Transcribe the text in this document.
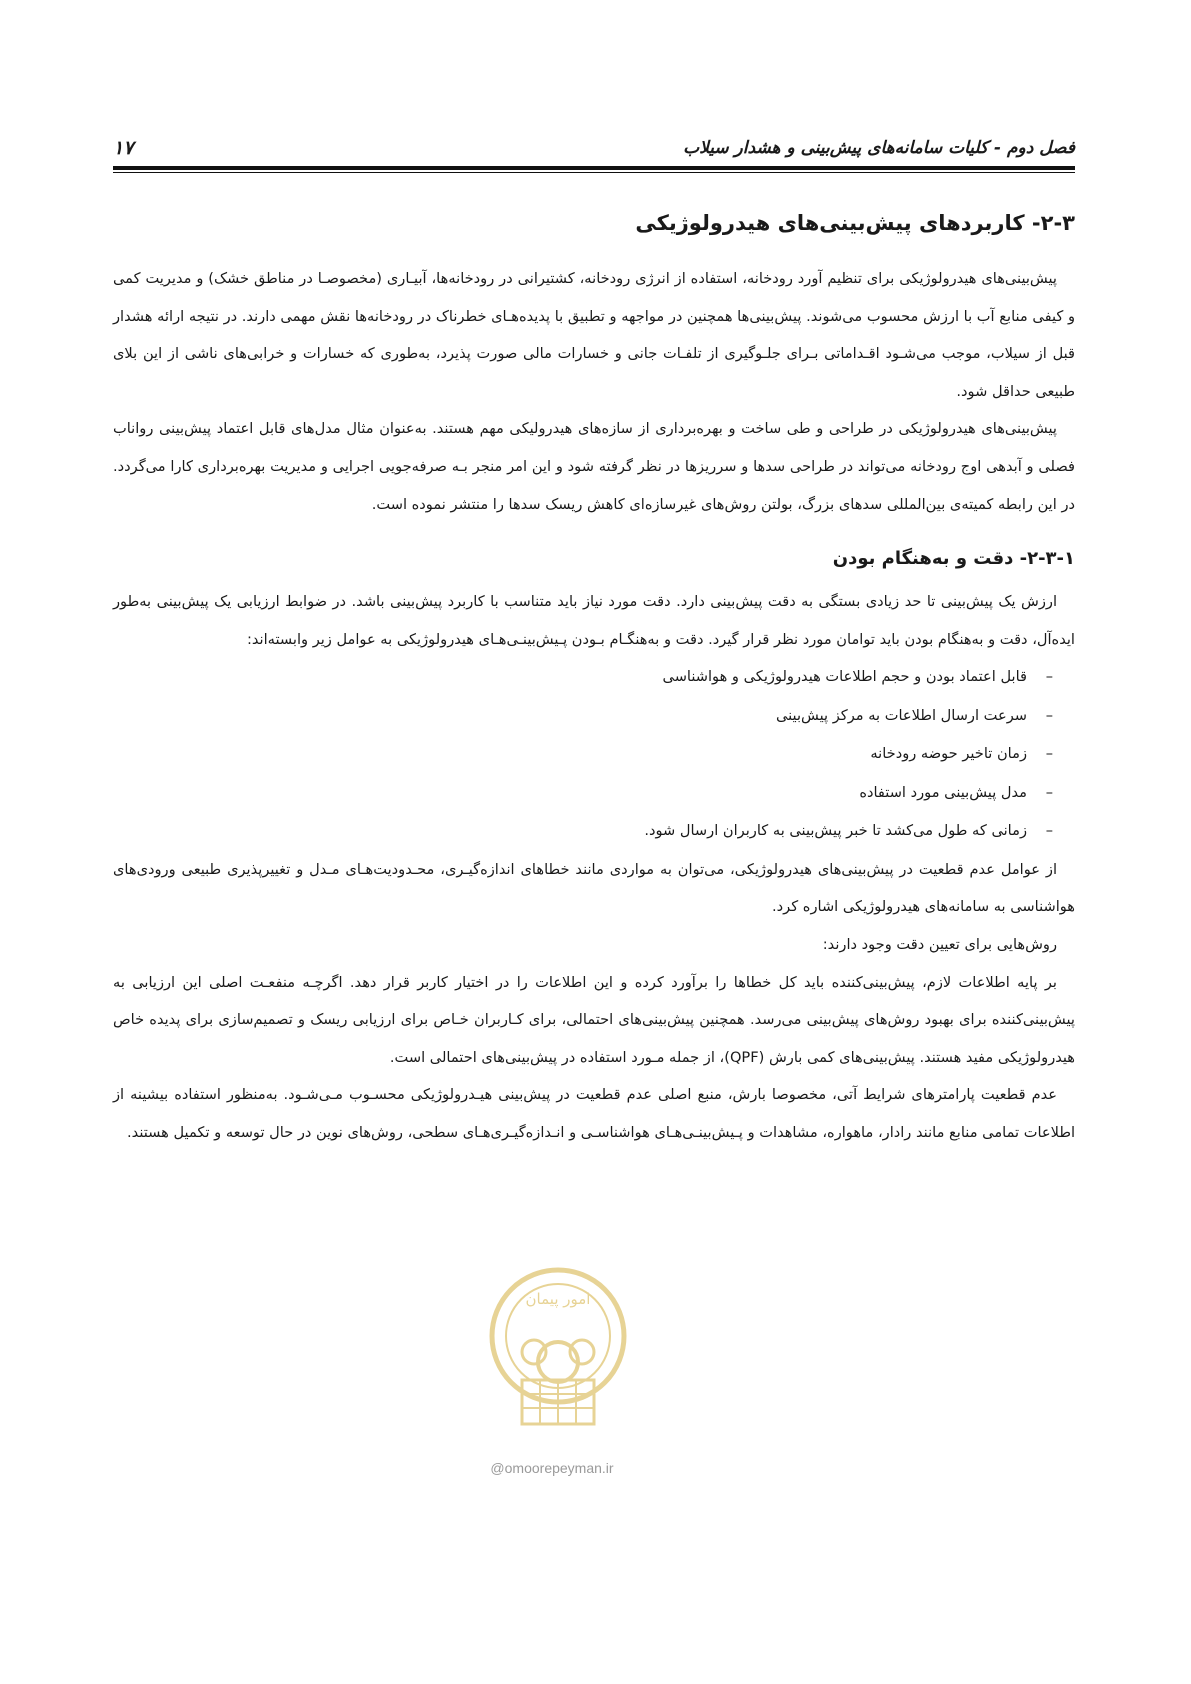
فصل دوم - کلیات سامانه‌های پیش‌بینی و هشدار سیلاب
۱۷
۲-۳- کاربردهای پیش‌بینی‌های هیدرولوژیکی

پیش‌بینی‌های هیدرولوژیکی برای تنظیم آورد رودخانه، استفاده از انرژی رودخانه، کشتیرانی در رودخانه‌ها، آبیـاری (مخصوصـا در مناطق خشک) و مدیریت کمی و کیفی منابع آب با ارزش محسوب می‌شوند. پیش‌بینی‌ها همچنین در مواجهه و تطبیق با پدیده‌هـای خطرناک در رودخانه‌ها نقش مهمی دارند. در نتیجه ارائه هشدار قبل از سیلاب، موجب می‌شـود اقـداماتی بـرای جلـوگیری از تلفـات جانی و خسارات مالی صورت پذیرد، به‌طوری که خسارات و خرابی‌های ناشی از این بلای طبیعی حداقل شود.

پیش‌بینی‌های هیدرولوژیکی در طراحی و طی ساخت و بهره‌برداری از سازه‌های هیدرولیکی مهم هستند. به‌عنوان مثال مدل‌های قابل اعتماد پیش‌بینی رواناب فصلی و آبدهی اوج رودخانه می‌تواند در طراحی سدها و سرریزها در نظر گرفته شود و این امر منجر بـه صرفه‌جویی اجرایی و مدیریت بهره‌برداری کارا می‌گردد. در این رابطه کمیته‌ی بین‌المللی سدهای بزرگ، بولتن روش‌های غیرسازه‌ای کاهش ریسک سدها را منتشر نموده است.

۲-۳-۱- دقت و به‌هنگام بودن

ارزش یک پیش‌بینی تا حد زیادی بستگی به دقت پیش‌بینی دارد. دقت مورد نیاز باید متناسب با کاربرد پیش‌بینی باشد. در ضوابط ارزیابی یک پیش‌بینی به‌طور ایده‌آل، دقت و به‌هنگام بودن باید توامان مورد نظر قرار گیرد. دقت و به‌هنگـام بـودن پـیش‌بینـی‌هـای هیدرولوژیکی به عوامل زیر وابسته‌اند:

–
قابل اعتماد بودن و حجم اطلاعات هیدرولوژیکی و هواشناسی
–
سرعت ارسال اطلاعات به مرکز پیش‌بینی
–
زمان تاخیر حوضه رودخانه
–
مدل پیش‌بینی مورد استفاده
–
زمانی که طول می‌کشد تا خبر پیش‌بینی به کاربران ارسال شود.

از عوامل عدم قطعیت در پیش‌بینی‌های هیدرولوژیکی، می‌توان به مواردی مانند خطاهای اندازه‌گیـری، محـدودیت‌هـای مـدل و تغییرپذیری طبیعی ورودی‌های هواشناسی به سامانه‌های هیدرولوژیکی اشاره کرد.

روش‌هایی برای تعیین دقت وجود دارند:

بر پایه اطلاعات لازم، پیش‌بینی‌کننده باید کل خطاها را برآورد کرده و این اطلاعات را در اختیار کاربر قرار دهد. اگرچـه منفعـت اصلی این ارزیابی به پیش‌بینی‌کننده برای بهبود روش‌های پیش‌بینی می‌رسد. همچنین پیش‌بینی‌های احتمالی، برای کـاربران خـاص برای ارزیابی ریسک و تصمیم‌سازی برای پدیده خاص هیدرولوژیکی مفید هستند. پیش‌بینی‌های کمی بارش (QPF)، از جمله مـورد استفاده در پیش‌بینی‌های احتمالی است.

عدم قطعیت پارامترهای شرایط آتی، مخصوصا بارش، منبع اصلی عدم قطعیت در پیش‌بینی هیـدرولوژیکی محسـوب مـی‌شـود. به‌منظور استفاده بیشینه از اطلاعات تمامی منابع مانند رادار، ماهواره، مشاهدات و پـیش‌بینـی‌هـای هواشناسـی و انـدازه‌گیـری‌هـای سطحی، روش‌های نوین در حال توسعه و تکمیل هستند.

امور پیمان
@omoorepeyman.ir
